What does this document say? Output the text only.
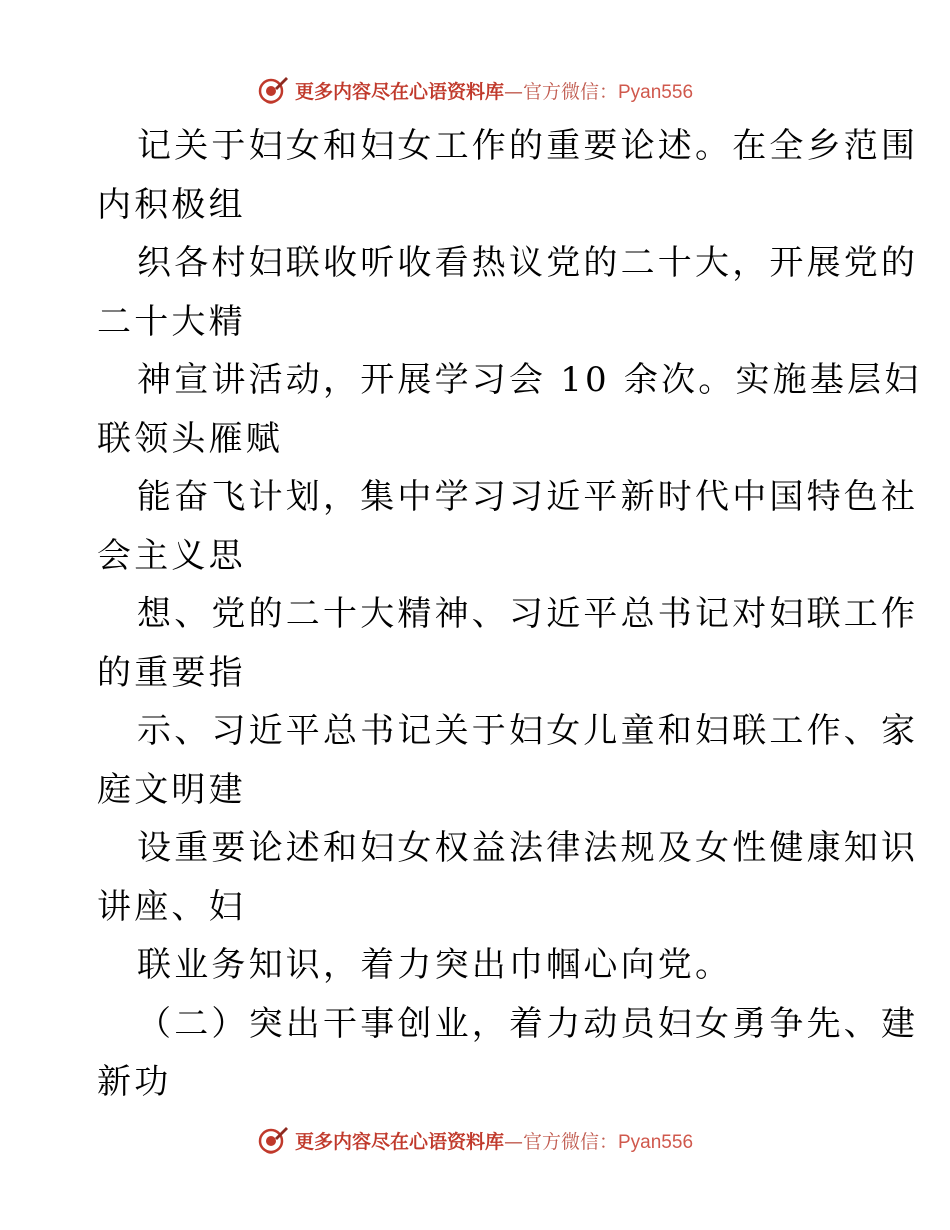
更多内容尽在心语资料库—官方微信：Pyan556

记关于妇女和妇女工作的重要论述。在全乡范围

内积极组

织各村妇联收听收看热议党的二十大，开展党的

二十大精

神宣讲活动，开展学习会 10 余次。实施基层妇

联领头雁赋

能奋飞计划，集中学习习近平新时代中国特色社

会主义思

想、党的二十大精神、习近平总书记对妇联工作

的重要指

示、习近平总书记关于妇女儿童和妇联工作、家

庭文明建

设重要论述和妇女权益法律法规及女性健康知识

讲座、妇

联业务知识，着力突出巾帼心向党。

（二）突出干事创业，着力动员妇女勇争先、建

新功

更多内容尽在心语资料库—官方微信：Pyan556
